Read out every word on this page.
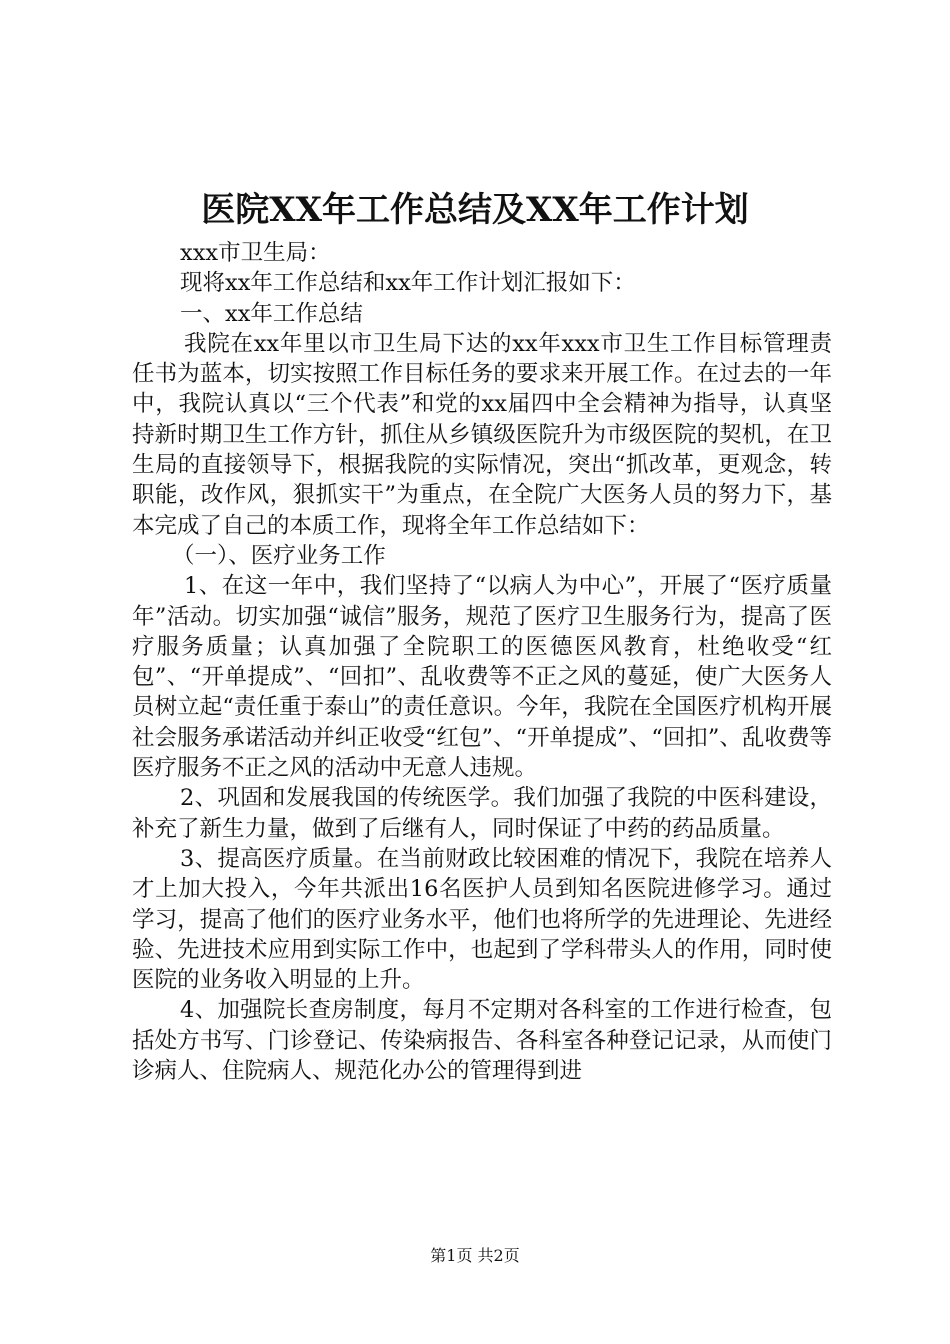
医院XX年工作总结及XX年工作计划

xxx市卫生局：

现将xx年工作总结和xx年工作计划汇报如下：

一、xx年工作总结

我院在xx年里以市卫生局下达的xx年xxx市卫生工作目标管理责任书为蓝本，切实按照工作目标任务的要求来开展工作。在过去的一年中，我院认真以“三个代表”和党的xx届四中全会精神为指导，认真坚持新时期卫生工作方针，抓住从乡镇级医院升为市级医院的契机，在卫生局的直接领导下，根据我院的实际情况，突出“抓改革，更观念，转职能，改作风，狠抓实干”为重点，在全院广大医务人员的努力下，基本完成了自己的本质工作，现将全年工作总结如下：

（一）、医疗业务工作

1、在这一年中，我们坚持了“以病人为中心”，开展了“医疗质量年”活动。切实加强“诚信”服务，规范了医疗卫生服务行为，提高了医疗服务质量；认真加强了全院职工的医德医风教育，杜绝收受“红包”、“开单提成”、“回扣”、乱收费等不正之风的蔓延，使广大医务人员树立起“责任重于泰山”的责任意识。今年，我院在全国医疗机构开展社会服务承诺活动并纠正收受“红包”、“开单提成”、“回扣”、乱收费等医疗服务不正之风的活动中无意人违规。

2、巩固和发展我国的传统医学。我们加强了我院的中医科建设，补充了新生力量，做到了后继有人，同时保证了中药的药品质量。

3、提高医疗质量。在当前财政比较困难的情况下，我院在培养人才上加大投入，今年共派出16名医护人员到知名医院进修学习。通过学习，提高了他们的医疗业务水平，他们也将所学的先进理论、先进经验、先进技术应用到实际工作中，也起到了学科带头人的作用，同时使医院的业务收入明显的上升。

4、加强院长查房制度，每月不定期对各科室的工作进行检查，包括处方书写、门诊登记、传染病报告、各科室各种登记记录，从而使门诊病人、住院病人、规范化办公的管理得到进

第1页 共2页
